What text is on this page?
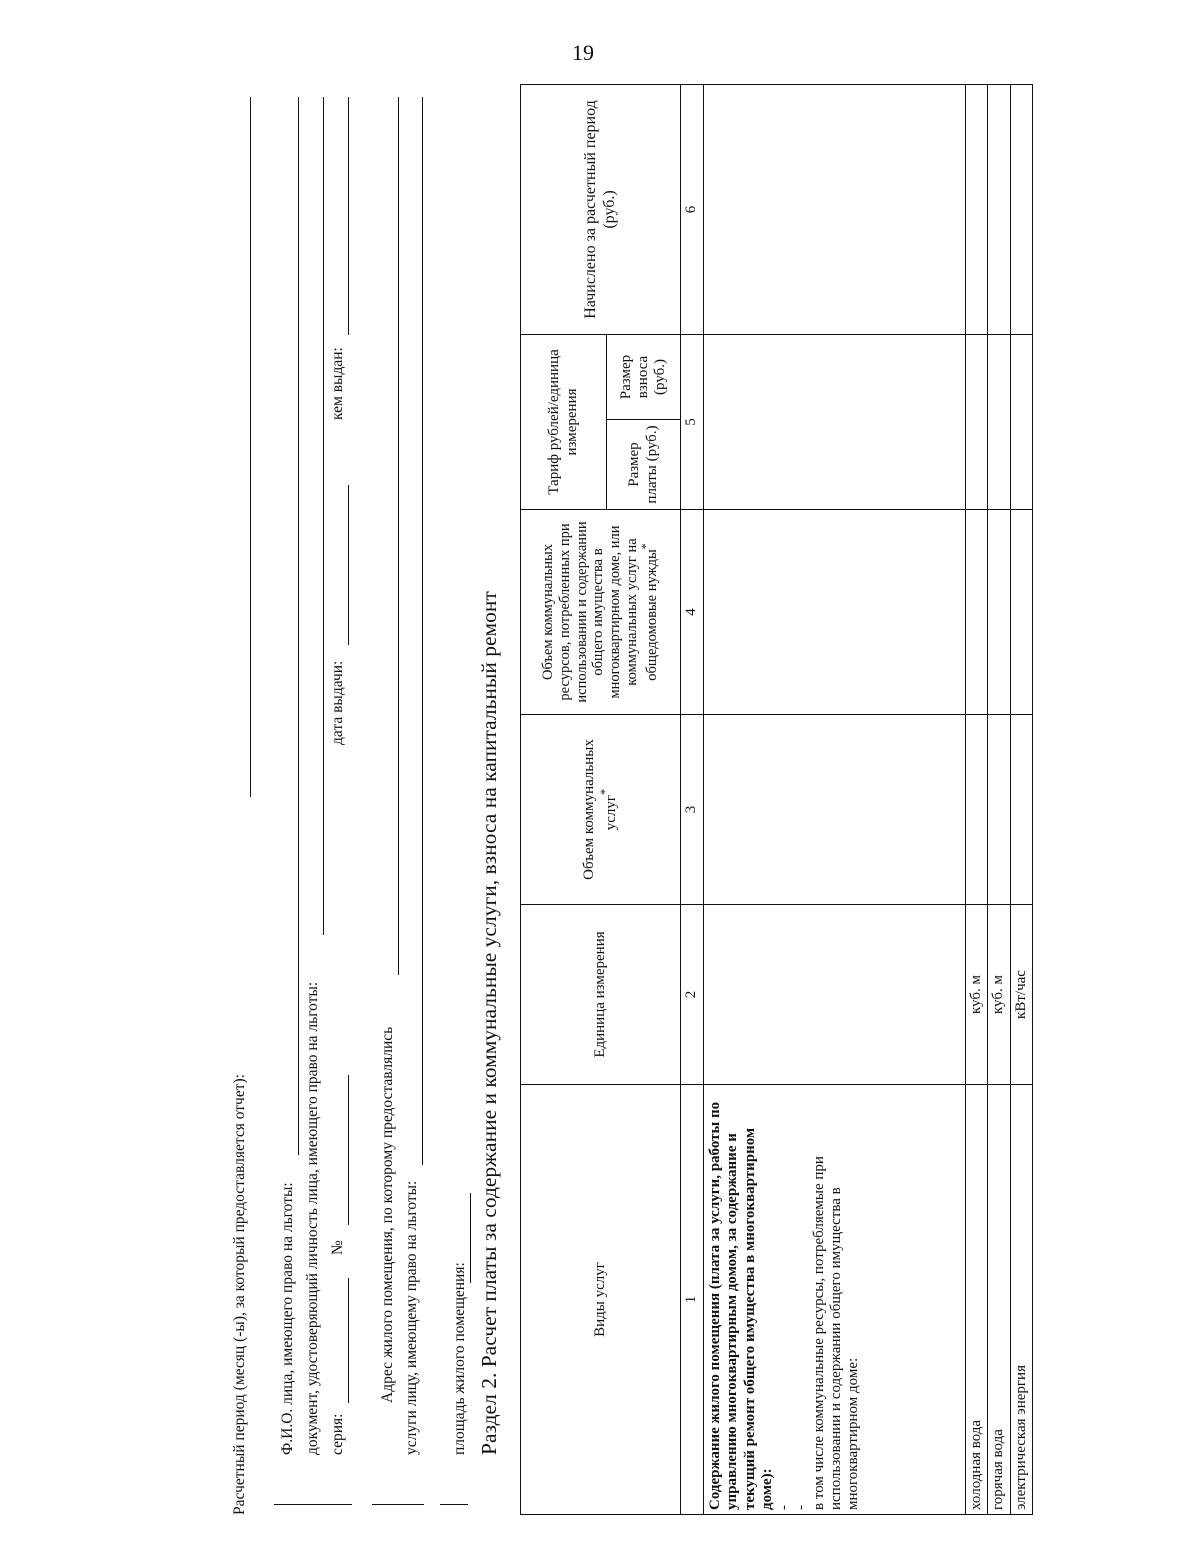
19
Расчетный период (месяц (-ы), за который предоставляется отчет): Ф.И.О. лица, имеющего право на льготы: документ, удостоверяющий личность лица, имеющего право на льготы: серия:
№
дата выдачи:
кем выдан:
Адрес жилого помещения, по которому предоставлялись услуги лицу, имеющему право на льготы: площадь жилого помещения: Раздел 2. Расчет платы за содержание и коммунальные услуги, взноса на капитальный ремонт	Виды услуг	Единица измерения	Объем коммунальных услуг*	Объем коммунальных ресурсов, потребленных при использовании и содержании общего имущества в многоквартирном доме, или коммунальных услуг на общедомовые нужды*	Тариф рублей/единица измерения		Начислено за расчетный период (руб.)

				Размер платы (руб.)	Размер взноса (руб.)	
1	2	3	4	5		6
Содержание жилого помещения (плата за услуги, работы по управлению многоквартирным домом, за содержание и текущий ремонт общего имущества в многоквартирном доме): - - в том числе коммунальные ресурсы, потребляемые при использовании и содержании общего имущества в многоквартирном доме:						
холодная вода	куб. м					
горячая вода	куб. м					
электрическая энергия	кВт/час					
